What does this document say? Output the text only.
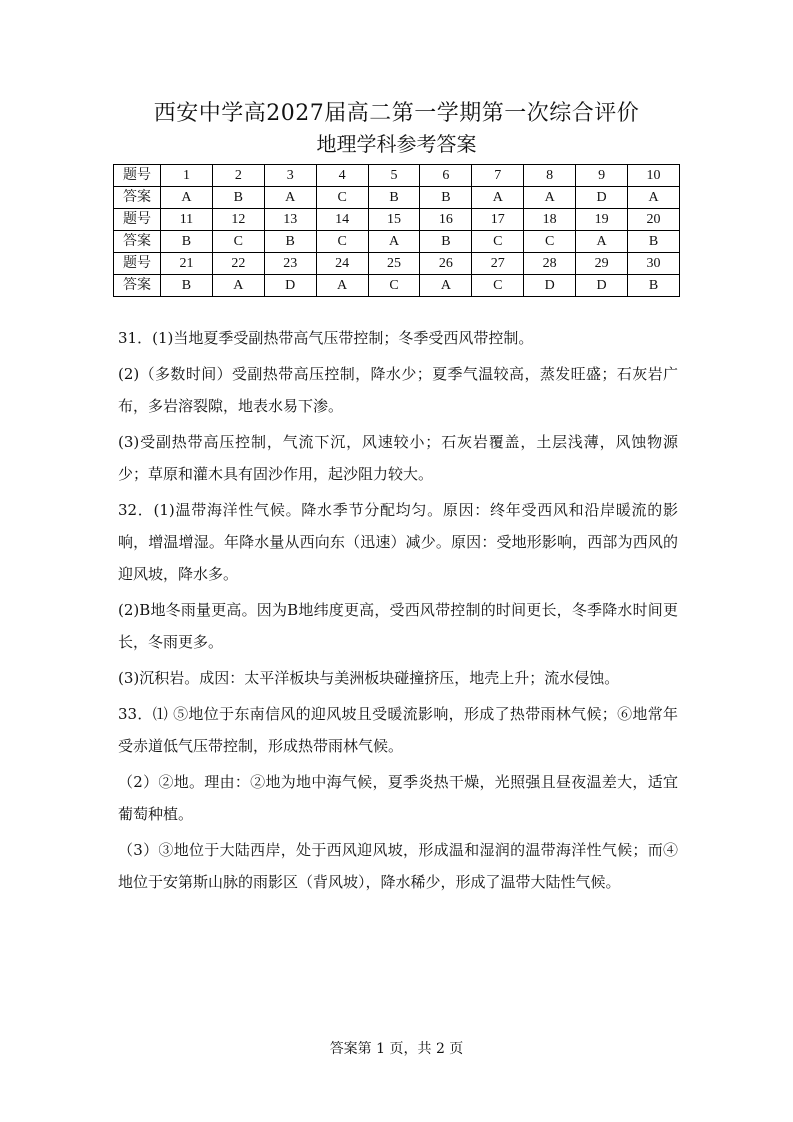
西安中学高2027届高二第一学期第一次综合评价
地理学科参考答案
题号	1	2	3	4	5	6	7	8	9	10
答案	A	B	A	C	B	B	A	A	D	A
题号	11	12	13	14	15	16	17	18	19	20
答案	B	C	B	C	A	B	C	C	A	B
题号	21	22	23	24	25	26	27	28	29	30
答案	B	A	D	A	C	A	C	D	D	B

31．(1)当地夏季受副热带高气压带控制；冬季受西风带控制。

(2)（多数时间）受副热带高压控制，降水少；夏季气温较高，蒸发旺盛；石灰岩广布，多岩溶裂隙，地表水易下渗。

(3)受副热带高压控制，气流下沉，风速较小；石灰岩覆盖，土层浅薄，风蚀物源少；草原和灌木具有固沙作用，起沙阻力较大。

32．(1)温带海洋性气候。降水季节分配均匀。原因：终年受西风和沿岸暖流的影响，增温增湿。年降水量从西向东（迅速）减少。原因：受地形影响，西部为西风的迎风坡，降水多。

(2)B地冬雨量更高。因为B地纬度更高，受西风带控制的时间更长，冬季降水时间更长，冬雨更多。

(3)沉积岩。成因：太平洋板块与美洲板块碰撞挤压，地壳上升；流水侵蚀。

33．⑴ ⑤地位于东南信风的迎风坡且受暖流影响，形成了热带雨林气候；⑥地常年受赤道低气压带控制，形成热带雨林气候。

（2）②地。理由：②地为地中海气候，夏季炎热干燥，光照强且昼夜温差大，适宜葡萄种植。

（3）③地位于大陆西岸，处于西风迎风坡，形成温和湿润的温带海洋性气候；而④地位于安第斯山脉的雨影区（背风坡），降水稀少，形成了温带大陆性气候。

答案第 1 页，共 2 页
